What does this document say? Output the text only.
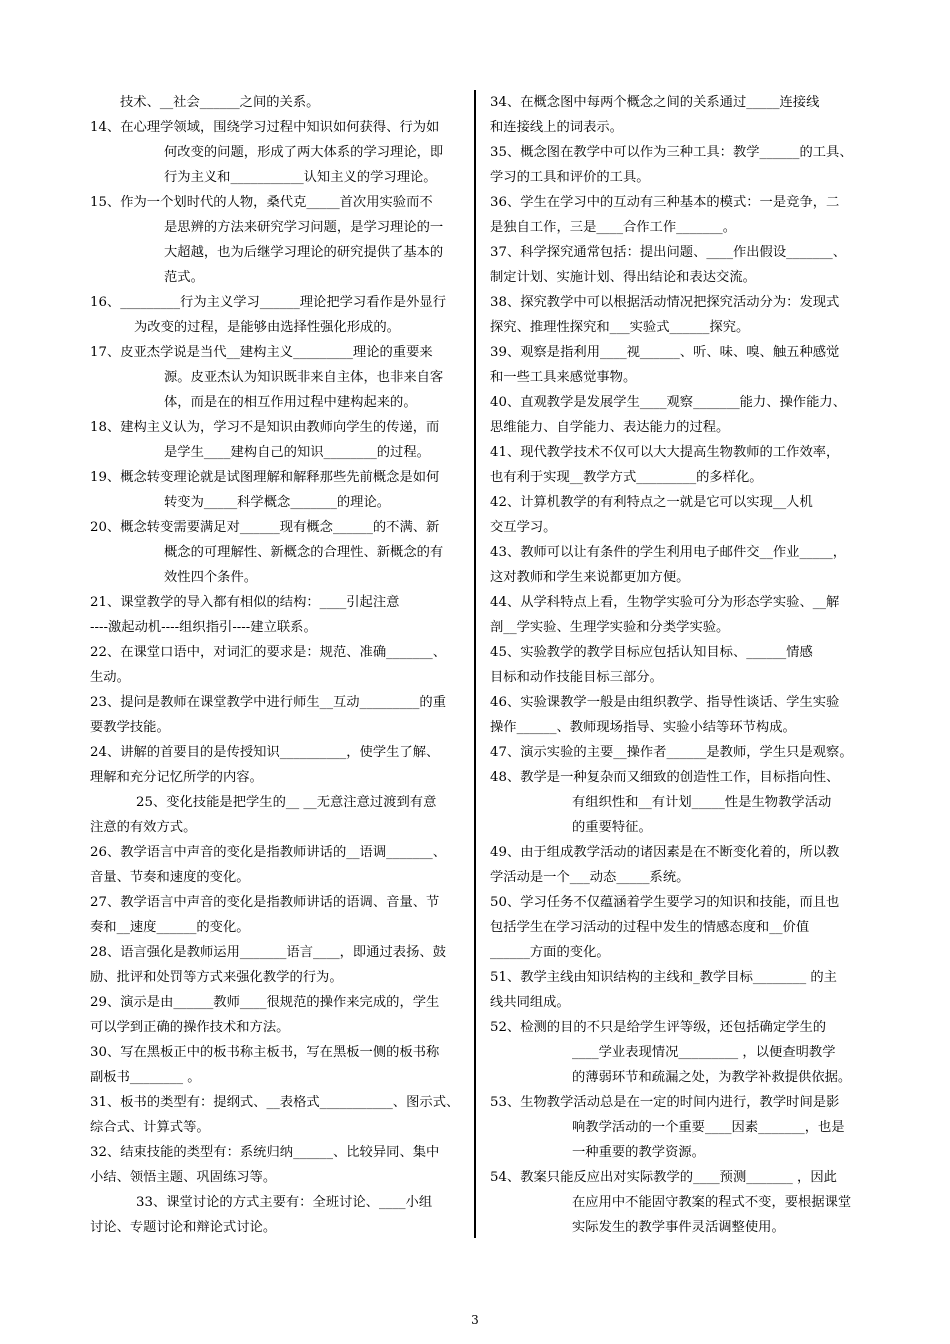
技术、__社会______之间的关系。
14、在心理学领域，围绕学习过程中知识如何获得、行为如
何改变的问题，形成了两大体系的学习理论，即
行为主义和___________认知主义的学习理论。
15、作为一个划时代的人物，桑代克_____首次用实验而不
是思辨的方法来研究学习问题，是学习理论的一
大超越，也为后继学习理论的研究提供了基本的
范式。
16、_________行为主义学习______理论把学习看作是外显行
为改变的过程，是能够由选择性强化形成的。
17、皮亚杰学说是当代__建构主义_________理论的重要来
源。皮亚杰认为知识既非来自主体，也非来自客
体，而是在的相互作用过程中建构起来的。
18、建构主义认为，学习不是知识由教师向学生的传递，而
是学生____建构自己的知识________的过程。
19、概念转变理论就是试图理解和解释那些先前概念是如何
转变为_____科学概念_______的理论。
20、概念转变需要满足对______现有概念______的不满、新
概念的可理解性、新概念的合理性、新概念的有
效性四个条件。
21、课堂教学的导入都有相似的结构：____引起注意
----激起动机----组织指引----建立联系。
22、在课堂口语中，对词汇的要求是：规范、准确_______、
生动。
23、提问是教师在课堂教学中进行师生__互动_________的重
要教学技能。
24、讲解的首要目的是传授知识__________，使学生了解、
理解和充分记忆所学的内容。
25、变化技能是把学生的__ __无意注意过渡到有意
注意的有效方式。
26、教学语言中声音的变化是指教师讲话的__语调_______、
音量、节奏和速度的变化。
27、教学语言中声音的变化是指教师讲话的语调、音量、节
奏和__速度______的变化。
28、语言强化是教师运用_______语言____，即通过表扬、鼓
励、批评和处罚等方式来强化教学的行为。
29、演示是由______教师____很规范的操作来完成的，学生
可以学到正确的操作技术和方法。
30、写在黑板正中的板书称主板书，写在黑板一侧的板书称
副板书________ 。
31、板书的类型有：提纲式、__表格式___________、图示式、
综合式、计算式等。
32、结束技能的类型有：系统归纳______、比较异同、集中
小结、领悟主题、巩固练习等。
33、课堂讨论的方式主要有：全班讨论、____小组
讨论、专题讨论和辩论式讨论。
34、在概念图中每两个概念之间的关系通过_____连接线
和连接线上的词表示。
35、概念图在教学中可以作为三种工具：教学______的工具、
学习的工具和评价的工具。
36、学生在学习中的互动有三种基本的模式：一是竞争，二
是独自工作，三是____合作工作_______。
37、科学探究通常包括：提出问题、____作出假设_______、
制定计划、实施计划、得出结论和表达交流。
38、探究教学中可以根据活动情况把探究活动分为：发现式
探究、推理性探究和___实验式______探究。
39、观察是指利用____视______、听、味、嗅、触五种感觉
和一些工具来感觉事物。
40、直观教学是发展学生____观察_______能力、操作能力、
思维能力、自学能力、表达能力的过程。
41、现代教学技术不仅可以大大提高生物教师的工作效率，
也有利于实现__教学方式_________的多样化。
42、计算机教学的有利特点之一就是它可以实现__人机
交互学习。
43、教师可以让有条件的学生利用电子邮件交__作业_____，
这对教师和学生来说都更加方便。
44、从学科特点上看，生物学实验可分为形态学实验、__解
剖__学实验、生理学实验和分类学实验。
45、实验教学的教学目标应包括认知目标、______情感
目标和动作技能目标三部分。
46、实验课教学一般是由组织教学、指导性谈话、学生实验
操作______、教师现场指导、实验小结等环节构成。
47、演示实验的主要__操作者______是教师，学生只是观察。
48、教学是一种复杂而又细致的创造性工作，目标指向性、
有组织性和__有计划_____性是生物教学活动
的重要特征。
49、由于组成教学活动的诸因素是在不断变化着的，所以教
学活动是一个___动态_____系统。
50、学习任务不仅蕴涵着学生要学习的知识和技能，而且也
包括学生在学习活动的过程中发生的情感态度和__价值
______方面的变化。
51、教学主线由知识结构的主线和_教学目标________ 的主
线共同组成。
52、检测的目的不只是给学生评等级，还包括确定学生的
____学业表现情况_________ ，以便查明教学
的薄弱环节和疏漏之处，为教学补救提供依据。
53、生物教学活动总是在一定的时间内进行，教学时间是影
响教学活动的一个重要____因素_______，也是
一种重要的教学资源。
54、教案只能反应出对实际教学的____预测_______ ，因此
在应用中不能固守教案的程式不变，要根据课堂
实际发生的教学事件灵活调整使用。
3
